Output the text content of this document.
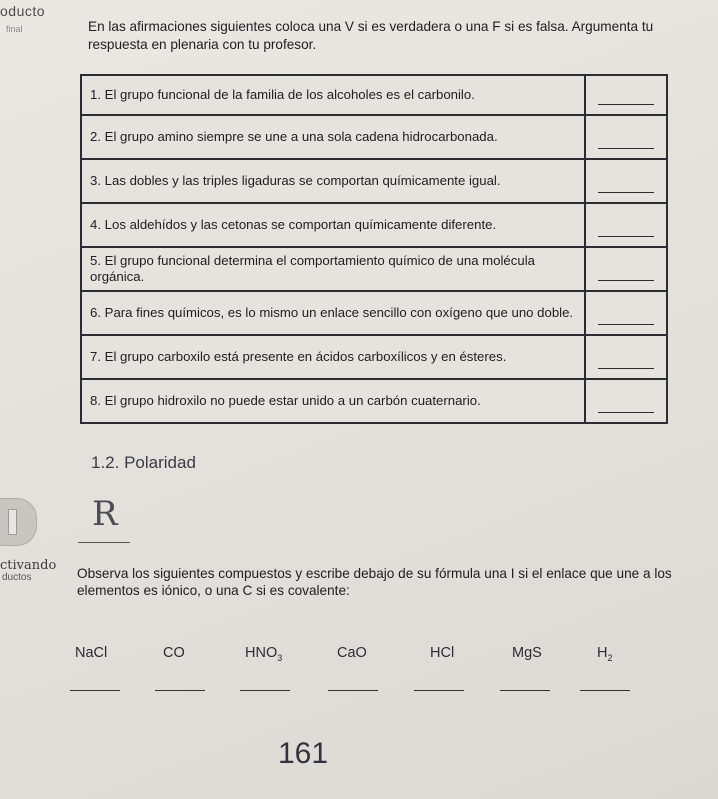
oducto
final	En las afirmaciones siguientes coloca una V si es verdadera o una F si es falsa. Argumenta tu respuesta en plenaria con tu profesor.
1. El grupo funcional de la familia de los alcoholes es el carbonilo.	

2. El grupo amino siempre se une a una sola cadena hidrocarbonada.	

3. Las dobles y las triples ligaduras se comportan químicamente igual.	

4. Los aldehídos y las cetonas se comportan químicamente diferente.	

5. El grupo funcional determina el comportamiento químico de una molécula orgánica.	

6. Para fines químicos, es lo mismo un enlace sencillo con oxígeno que uno doble.	

7. El grupo carboxilo está presente en ácidos carboxílicos y en ésteres.	

8. El grupo hidroxilo no puede estar unido a un carbón cuaternario.	
1.2. Polaridad
R
ctivando
ductos	Observa los siguientes compuestos y escribe debajo de su fórmula una I si el enlace que une a los elementos es iónico, o una C si es covalente:
NaCl	CO	$HNO_3$	CaO	HCl	MgS	$H_2$
161
